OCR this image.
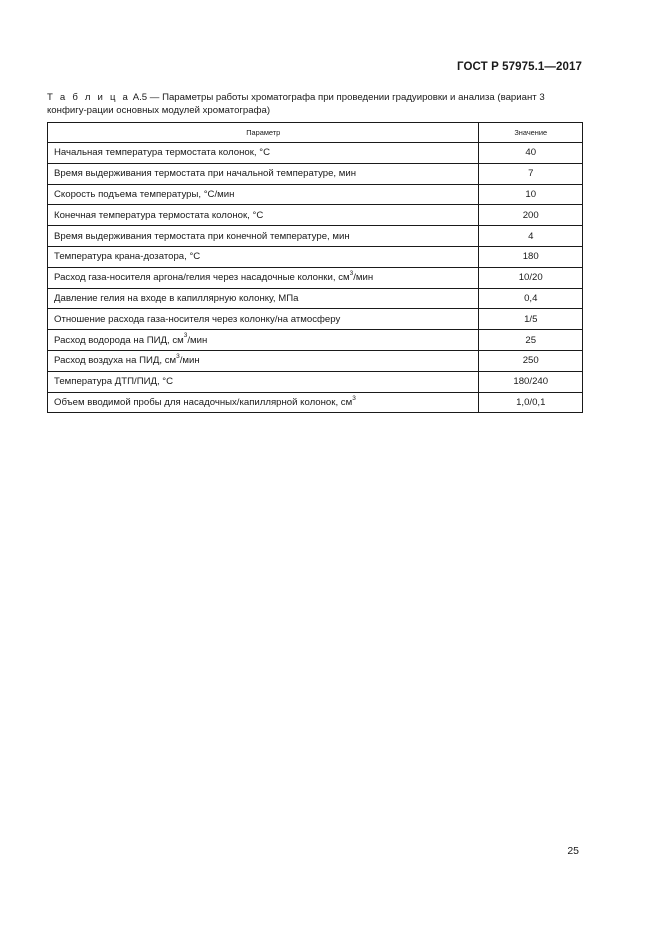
ГОСТ Р 57975.1—2017
Т а б л и ц а А.5 — Параметры работы хроматографа при проведении градуировки и анализа (вариант 3 конфигу-рации основных модулей хроматографа)
Параметр	Значение
Начальная температура термостата колонок, °С	40
Время выдерживания термостата при начальной температуре, мин	7
Скорость подъема температуры, °С/мин	10
Конечная температура термостата колонок, °С	200
Время выдерживания термостата при конечной температуре, мин	4
Температура крана-дозатора, °С	180
Расход газа-носителя аргона/гелия через насадочные колонки, $см^3$/мин	10/20
Давление гелия на входе в капиллярную колонку, МПа	0,4
Отношение расхода газа-носителя через колонку/на атмосферу	1/5
Расход водорода на ПИД, $см^3$/мин	25
Расход воздуха на ПИД, $см^3$/мин	250
Температура ДТП/ПИД, °С	180/240
Объем вводимой пробы для насадочных/капиллярной колонок, $см^3$	1,0/0,1
25
